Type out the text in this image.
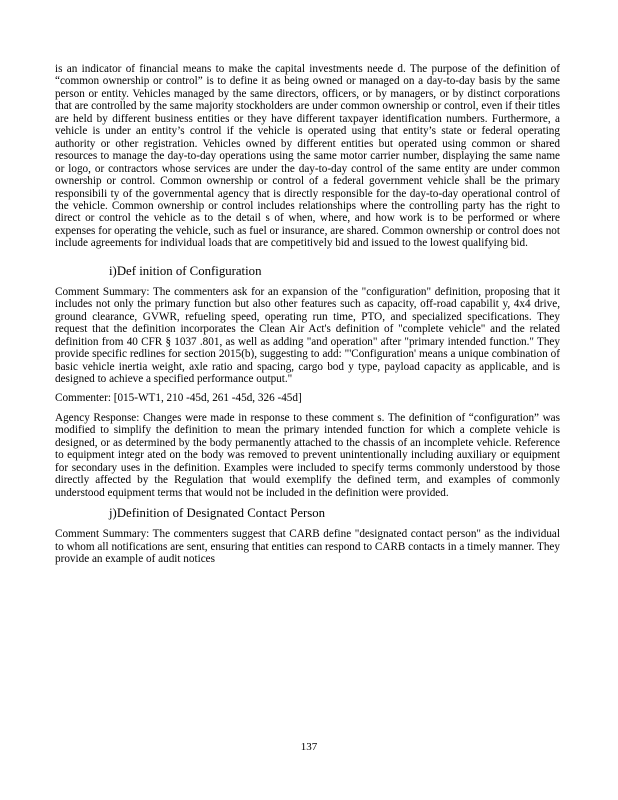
is an indicator of financial means to make the capital investments neede d. The purpose of the definition of “common ownership or control” is to define it as being owned or managed on a day-to-day basis by the same person or entity. Vehicles managed by the same directors, officers, or by managers, or by distinct corporations that are controlled by the same majority stockholders are under common ownership or control, even if their titles are held by different business entities or they have different taxpayer identification numbers. Furthermore, a vehicle is under an entity’s control if the vehicle is operated using that entity’s state or federal operating authority or other registration. Vehicles owned by different entities but operated using common or shared resources to manage the day-to-day operations using the same motor carrier number, displaying the same name or logo, or contractors whose services are under the day-to-day control of the same entity are under common ownership or control. Common ownership or control of a federal government vehicle shall be the primary responsibili ty of the governmental agency that is directly responsible for the day-to-day operational control of the vehicle. Common ownership or control includes relationships where the controlling party has the right to direct or control the vehicle as to the detail s of when, where, and how work is to be performed or where expenses for operating the vehicle, such as fuel or insurance, are shared. Common ownership or control does not include agreements for individual loads that are competitively bid and issued to the lowest qualifying bid.

i)Def inition of Configuration

Comment Summary: The commenters ask for an expansion of the "configuration" definition, proposing that it includes not only the primary function but also other features such as capacity, off-road capabilit y, 4x4 drive, ground clearance, GVWR, refueling speed, operating run time, PTO, and specialized specifications. They request that the definition incorporates the Clean Air Act's definition of "complete vehicle" and the related definition from 40 CFR § 1037 .801, as well as adding "and operation" after "primary intended function." They provide specific redlines for section 2015(b), suggesting to add: "'Configuration' means a unique combination of basic vehicle inertia weight, axle ratio and spacing, cargo bod y type, payload capacity as applicable, and is designed to achieve a specified performance output."

Commenter: [015-WT1, 210 -45d, 261 -45d, 326 -45d]

Agency Response: Changes were made in response to these comment s. The definition of “configuration” was modified to simplify the definition to mean the primary intended function for which a complete vehicle is designed, or as determined by the body permanently attached to the chassis of an incomplete vehicle. Reference to equipment integr ated on the body was removed to prevent unintentionally including auxiliary or equipment for secondary uses in the definition. Examples were included to specify terms commonly understood by those directly affected by the Regulation that would exemplify the defined term, and examples of commonly understood equipment terms that would not be included in the definition were provided.

j)Definition of Designated Contact Person

Comment Summary: The commenters suggest that CARB define "designated contact person" as the individual to whom all notifications are sent, ensuring that entities can respond to CARB contacts in a timely manner. They provide an example of audit notices

137
